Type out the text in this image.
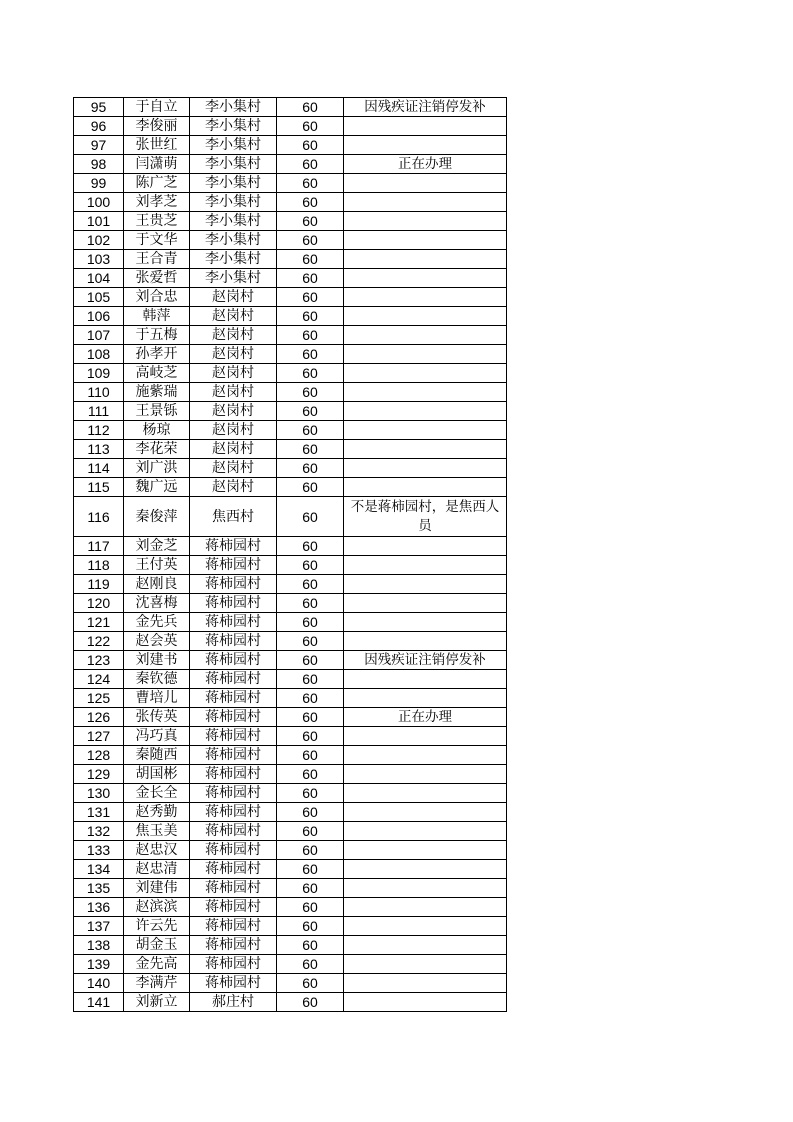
95	于自立	李小集村	60	因残疾证注销停发补
96	李俊丽	李小集村	60	
97	张世红	李小集村	60	
98	闫潇萌	李小集村	60	正在办理
99	陈广芝	李小集村	60	
100	刘孝芝	李小集村	60	
101	王贵芝	李小集村	60	
102	于文华	李小集村	60	
103	王合青	李小集村	60	
104	张爱哲	李小集村	60	
105	刘合忠	赵岗村	60	
106	韩萍	赵岗村	60	
107	于五梅	赵岗村	60	
108	孙孝开	赵岗村	60	
109	高岐芝	赵岗村	60	
110	施紫瑞	赵岗村	60	
111	王景铄	赵岗村	60	
112	杨琼	赵岗村	60	
113	李花荣	赵岗村	60	
114	刘广洪	赵岗村	60	
115	魏广远	赵岗村	60	
116	秦俊萍	焦西村	60	不是蒋柿园村，是焦西人员
117	刘金芝	蒋柿园村	60	
118	王付英	蒋柿园村	60	
119	赵刚良	蒋柿园村	60	
120	沈喜梅	蒋柿园村	60	
121	金先兵	蒋柿园村	60	
122	赵会英	蒋柿园村	60	
123	刘建书	蒋柿园村	60	因残疾证注销停发补
124	秦钦德	蒋柿园村	60	
125	曹培儿	蒋柿园村	60	
126	张传英	蒋柿园村	60	正在办理
127	冯巧真	蒋柿园村	60	
128	秦随西	蒋柿园村	60	
129	胡国彬	蒋柿园村	60	
130	金长全	蒋柿园村	60	
131	赵秀勤	蒋柿园村	60	
132	焦玉美	蒋柿园村	60	
133	赵忠汉	蒋柿园村	60	
134	赵忠清	蒋柿园村	60	
135	刘建伟	蒋柿园村	60	
136	赵滨滨	蒋柿园村	60	
137	许云先	蒋柿园村	60	
138	胡金玉	蒋柿园村	60	
139	金先高	蒋柿园村	60	
140	李满芹	蒋柿园村	60	
141	刘新立	郝庄村	60	
